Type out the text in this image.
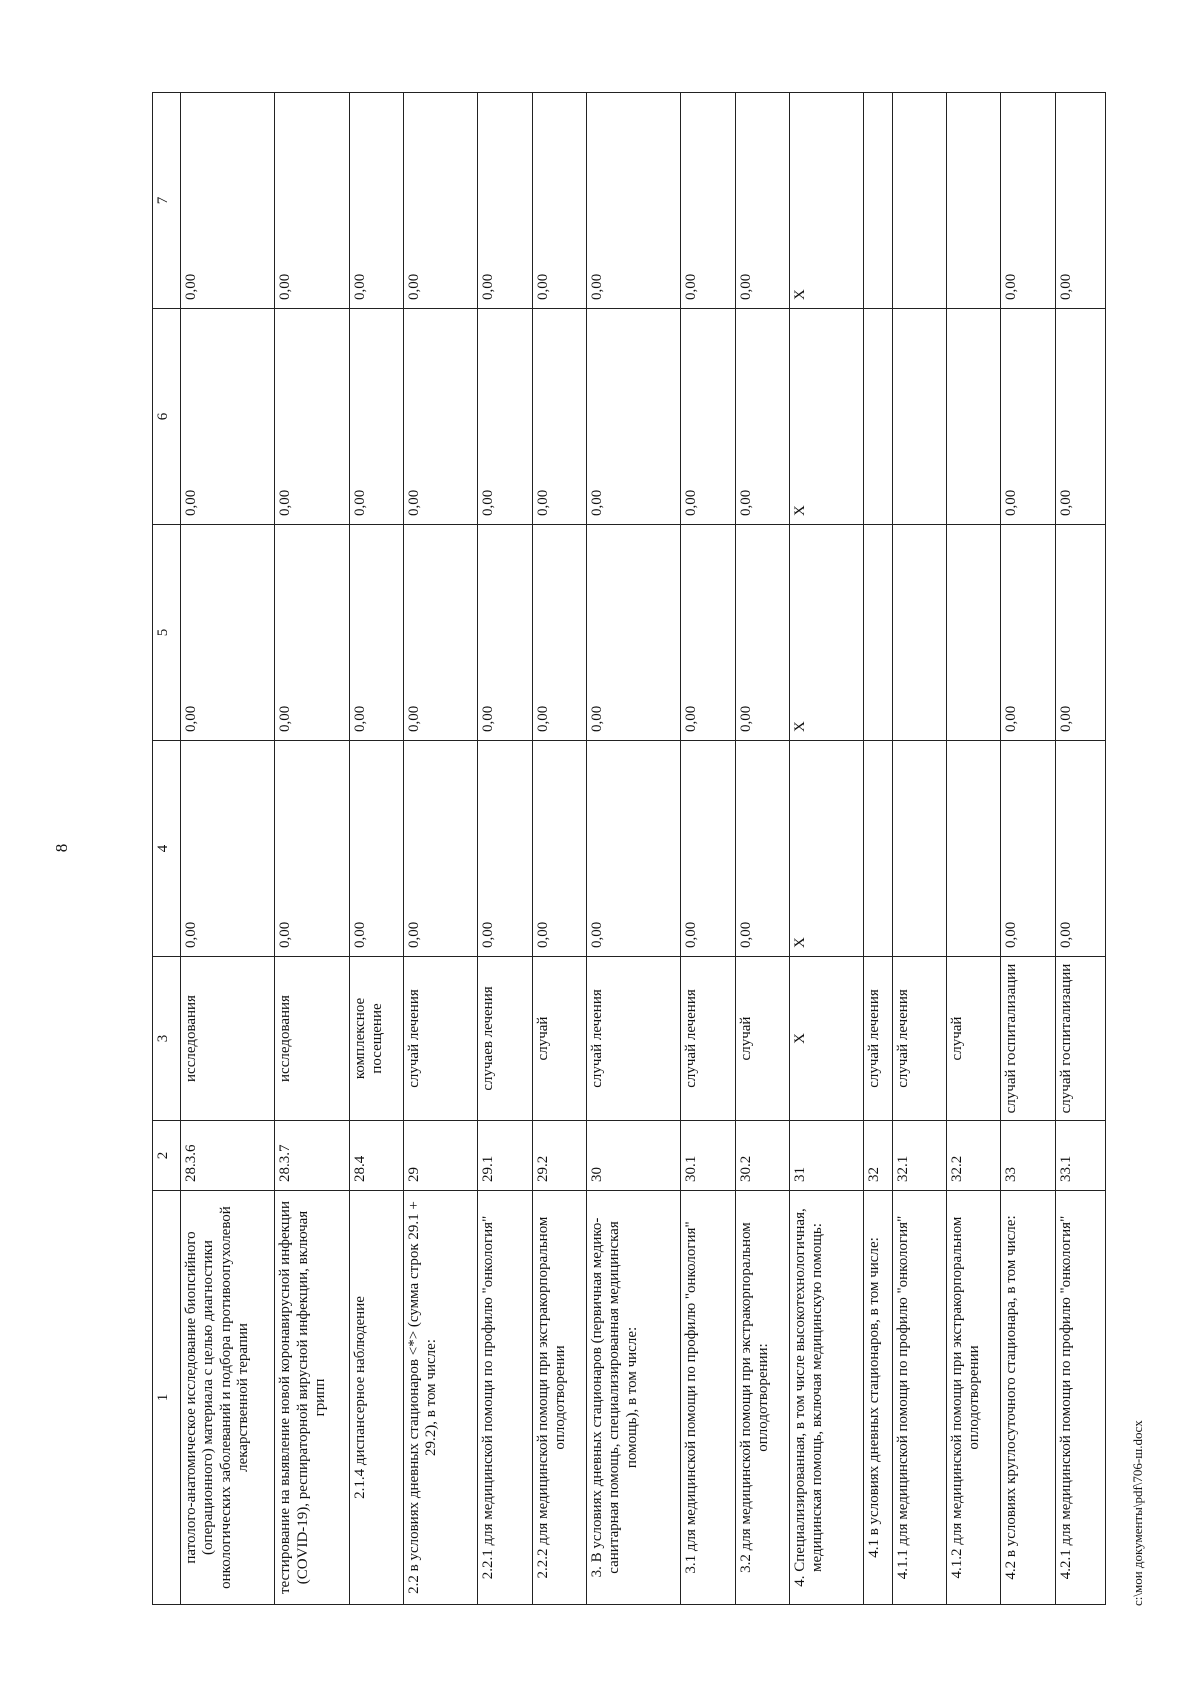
8
1	2	3	4	5	6	7
патолого-анатомическое исследование биопсийного (операционного) материала с целью диагностики онкологических заболеваний и подбора противоопухолевой лекарственной терапии	28.3.6	исследования	0,00	0,00	0,00	0,00
тестирование на выявление новой коронавирусной инфекции (COVID-19), респираторной вирусной инфекции, включая грипп	28.3.7	исследования	0,00	0,00	0,00	0,00
2.1.4 диспансерное наблюдение	28.4	комплексное посещение	0,00	0,00	0,00	0,00
2.2 в условиях дневных стационаров <*> (сумма строк 29.1 + 29.2), в том числе:	29	случай лечения	0,00	0,00	0,00	0,00
2.2.1 для медицинской помощи по профилю "онкология"	29.1	случаев лечения	0,00	0,00	0,00	0,00
2.2.2 для медицинской помощи при экстракорпоральном оплодотворении	29.2	случай	0,00	0,00	0,00	0,00
3. В условиях дневных стационаров (первичная медико-санитарная помощь, специализированная медицинская помощь), в том числе:	30	случай лечения	0,00	0,00	0,00	0,00
3.1 для медицинской помощи по профилю "онкология"	30.1	случай лечения	0,00	0,00	0,00	0,00
3.2 для медицинской помощи при экстракорпоральном оплодотворении:	30.2	случай	0,00	0,00	0,00	0,00
4. Специализированная, в том числе высокотехнологичная, медицинская помощь, включая медицинскую помощь:	31	Х	Х	Х	Х	Х
4.1 в условиях дневных стационаров, в том числе:	32	случай лечения				
4.1.1 для медицинской помощи по профилю "онкология"	32.1	случай лечения				
4.1.2 для медицинской помощи при экстракорпоральном оплодотворении	32.2	случай				
4.2 в условиях круглосуточного стационара, в том числе:	33	случай госпитализации	0,00	0,00	0,00	0,00
4.2.1 для медицинской помощи по профилю "онкология"	33.1	случай госпитализации	0,00	0,00	0,00	0,00
c:\мои документы\pdf\706-ш.docx
